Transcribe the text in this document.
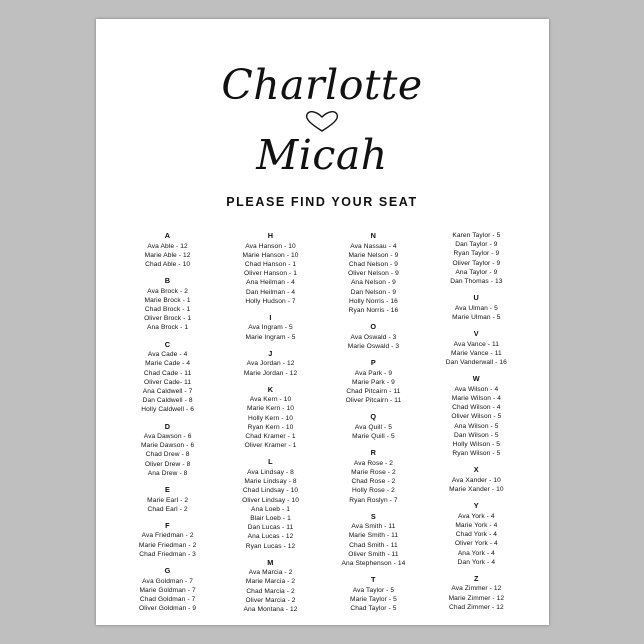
Charlotte
Micah
PLEASE FIND YOUR SEAT
A
Ava Able - 12
Marie Able - 12
Chad Able - 10
B
Ava Brock - 2
Marie Brock - 1
Chad Brock - 1
Oliver Brock - 1
Ana Brock - 1
C
Ava Cade - 4
Marie Cade - 4
Chad Cade - 11
Oliver Cade- 11
Ana Caldwell - 7
Dan Caldwell - 8
Holly Caldwell - 6
D
Ava Dawson - 6
Marie Dawson - 6
Chad Drew - 8
Oliver Drew - 8
Ana Drew - 8
E
Marie Earl - 2
Chad Earl - 2
F
Ava Friedman - 2
Marie Friedman - 2
Chad Friedman - 3
G
Ava Goldman - 7
Marie Goldman - 7
Chad Goldman - 7
Oliver Goldman - 9
H
Ava Hanson - 10
Marie Hanson - 10
Chad Hanson - 1
Oliver Hanson - 1
Ana Heilman - 4
Dan Heilman - 4
Holly Hudson - 7
I
Ava Ingram - 5
Marie Ingram - 5
J
Ava Jordan - 12
Marie Jordan - 12
K
Ava Kern - 10
Marie Kern - 10
Holly Kern - 10
Ryan Kern - 10
Chad Kramer - 1
Oliver Kramer - 1
L
Ava Lindsay - 8
Marie Lindsay - 8
Chad Lindsay - 10
Oliver Lindsay - 10
Ana Loeb - 1
Blair Loeb - 1
Dan Lucas - 11
Ana Lucas - 12
Ryan Lucas - 12
M
Ava Marcia - 2
Marie Marcia - 2
Chad Marcia - 2
Oliver Marcia - 2
Ana Montana - 12
N
Ava Nassau - 4
Marie Nelson - 9
Chad Nelson - 9
Oliver Nelson - 9
Ana Nelson - 9
Dan Nelson - 9
Holly Norris - 16
Ryan Norris - 16
O
Ava Oswald - 3
Marie Oswald - 3
P
Ava Park - 9
Marie Park - 9
Chad Pitcairn - 11
Oliver Pitcairn - 11
Q
Ava Quill - 5
Marie Quill - 5
R
Ava Rose - 2
Marie Rose - 2
Chad Rose - 2
Holly Rose - 2
Ryan Roslyn - 7
S
Ava Smith - 11
Marie Smith - 11
Chad Smith - 11
Oliver Smith - 11
Ana Stephenson - 14
T
Ava Taylor - 5
Marie Taylor - 5
Chad Taylor - 5
Karen Taylor - 5
Dan Taylor - 9
Ryan Taylor - 9
Oliver Taylor - 9
Ana Taylor - 9
Dan Thomas - 13
U
Ava Ulman - 5
Marie Ulman - 5
V
Ava Vance - 11
Marie Vance - 11
Dan Vanderwall - 16
W
Ava Wilson - 4
Marie Wilson - 4
Chad Wilson - 4
Oliver Wilson - 5
Ana Wilson - 5
Dan Wilson - 5
Holly Wilson - 5
Ryan Wilson - 5
X
Ava Xander - 10
Marie Xander - 10
Y
Ava York - 4
Marie York - 4
Chad York - 4
Oliver York - 4
Ana York - 4
Dan York - 4
Z
Ava Zimmer - 12
Marie Zimmer - 12
Chad Zimmer - 12
